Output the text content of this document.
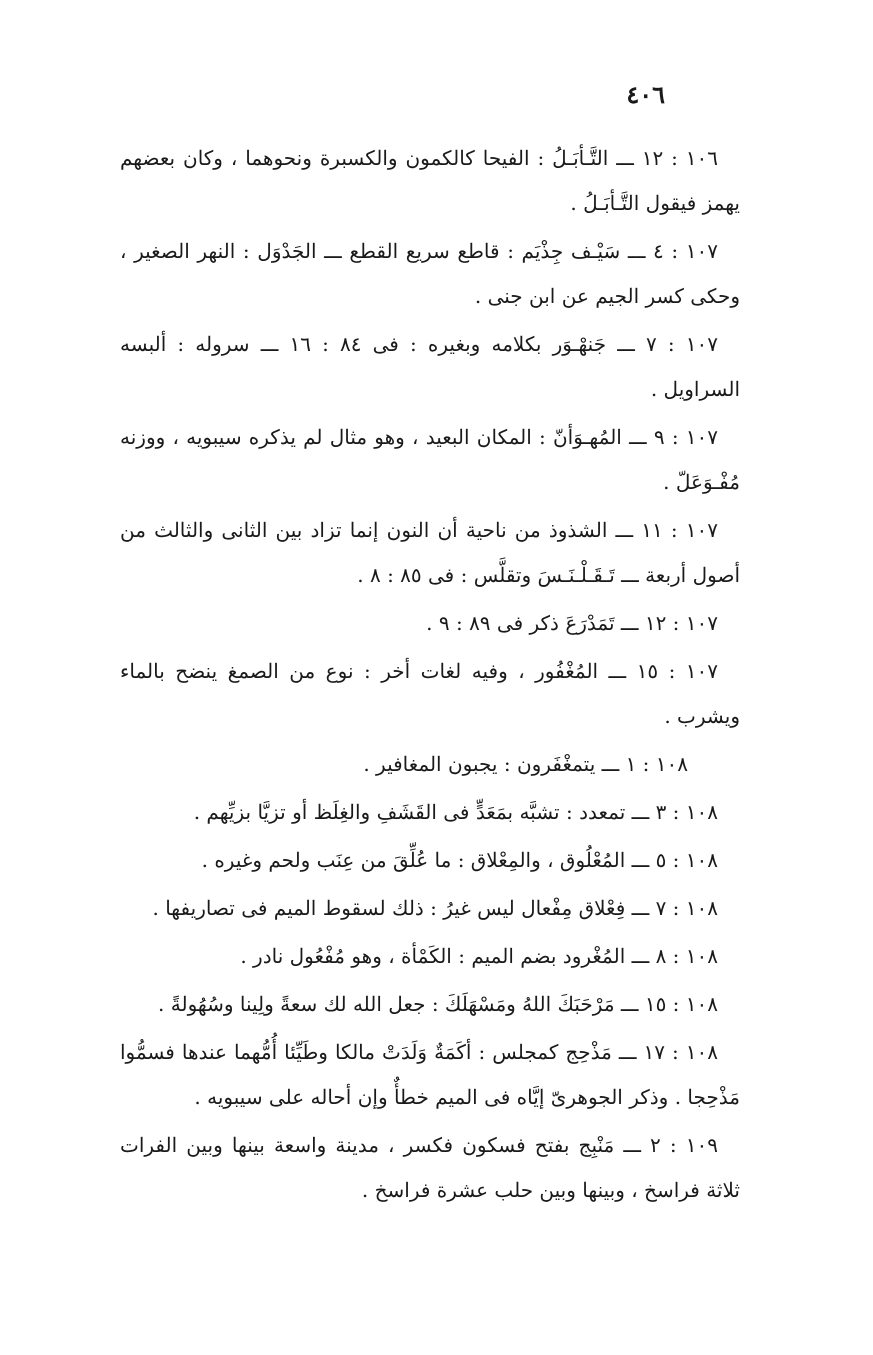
٤٠٦

١٠٦ : ١٢ ـــ التَّـأبَـلُ : الفيحا كالكمون والكسبرة ونحوهما ، وكان بعضهم يهمز فيقول التَّـأبَـلُ .

١٠٧ : ٤ ـــ سَيْـف جِذْيَم : قاطع سريع القطع ـــ الجَدْوَل : النهر الصغير ، وحكى كسر الجيم عن ابن جنى .

١٠٧ : ٧ ـــ جَنهْـوَر بكلامه وبغيره : فى ٨٤ : ١٦ ـــ سروله : ألبسه السراويل .

١٠٧ : ٩ ـــ المُهـوَأنّ : المكان البعيد ، وهو مثال لم يذكره سيبويه ، ووزنه مُفْـوَعَلّ .

١٠٧ : ١١ ـــ الشذوذ من ناحية أن النون إنما تزاد بين الثانى والثالث من أصول أربعة ـــ تَـقَـلْـنَـسَ وتقلَّس : فى ٨٥ : ٨ .

١٠٧ : ١٢ ـــ تَمَدْرَعَ ذكر فى ٨٩ : ٩ .

١٠٧ : ١٥ ـــ المُغْفُور ، وفيه لغات أخر : نوع من الصمغ ينضح بالماء ويشرب .

١٠٨ : ١ ـــ يتمغْفَرون : يجبون المغافير .

١٠٨ : ٣ ـــ تمعدد : تشبَّه بمَعَدٍّ فى القَشَفِ والغِلَظ أو تزيَّا بزيِّهم .

١٠٨ : ٥ ـــ المُعْلُوق ، والمِعْلاق : ما عُلِّقَ من عِنَب ولحم وغيره .

١٠٨ : ٧ ـــ فِعْلاق مِفْعال ليس غيرُ : ذلك لسقوط الميم فى تصاريفها .

١٠٨ : ٨ ـــ المُغْرود بضم الميم : الكَمْأة ، وهو مُفْعُول نادر .

١٠٨ : ١٥ ـــ مَرْحَبَكَ اللهُ ومَسْهَلَكَ : جعل الله لك سعةً ولِينا وسُهُولةً .

١٠٨ : ١٧ ـــ مَذْحِج كمجلس : أكَمَةٌ وَلَدَتْ مالكا وطَيِّئا أُمُّهما عندها فسمُّوا مَذْحِجا . وذكر الجوهرىّ إيَّاه فى الميم خطأٌ وإن أحاله على سيبويه .

١٠٩ : ٢ ـــ مَنْبِج بفتح فسكون فكسر ، مدينة واسعة بينها وبين الفرات ثلاثة فراسخ ، وبينها وبين حلب عشرة فراسخ .
